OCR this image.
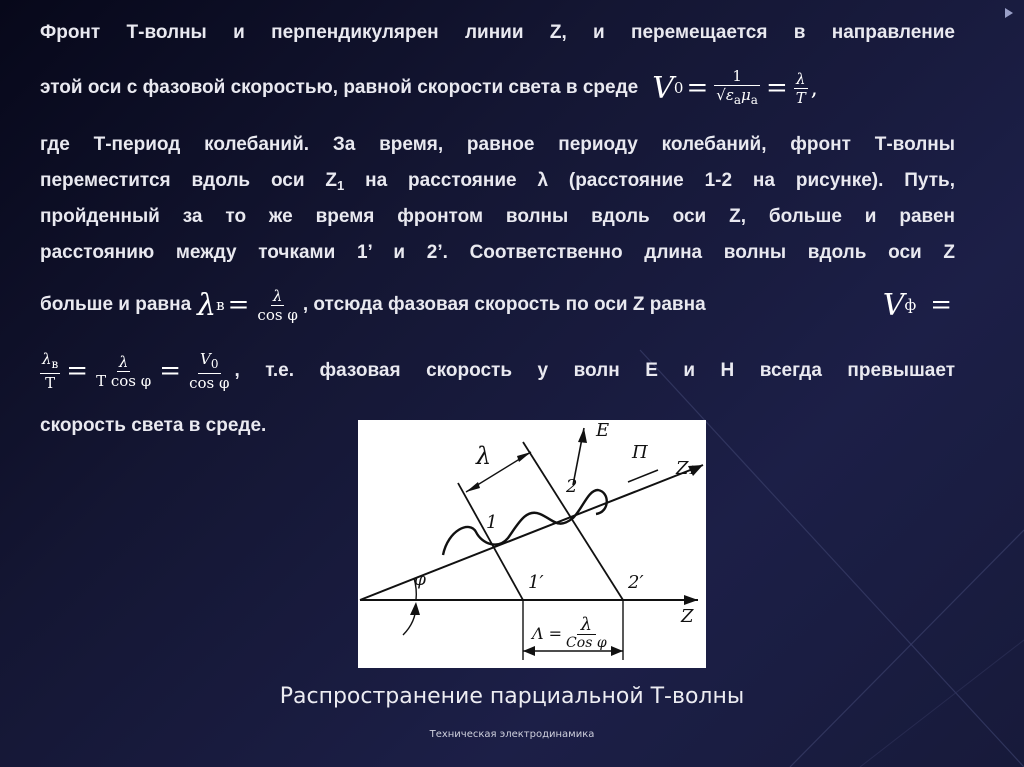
Фронт Т-волны и перпендикулярен линии Z, и перемещается в направление
этой оси с фазовой скоростью, равной скорости света в среде V $0 = \frac{1}{√\varepsilon_a\mu_a} = \frac{\lambda}{T}$ ,
где Т-период колебаний. За время, равное периоду колебаний, фронт Т-волны
переместится вдоль оси $Z_1$ на расстояние λ (расстояние 1-2 на рисунке). Путь,
пройденный за то же время фронтом волны вдоль оси Z, больше и равен
расстоянию между точками 1’ и 2’. Соответственно длина волны вдоль оси Z
больше и равна λ $в = \frac{\lambda}{\text{cos φ}}$ , отсюда фазовая скорость по оси Z равна	V ф =
$\frac{\lambda_в}{Т} = \frac{\lambda}{\text{Т cos φ}} = \frac{V_0}{\text{cos φ}}$ , т.е. фазовая скорость у волн E и H всегда превышает
скорость света в среде.
λ
E
П
Z1
1
2
1′	2′
φ
Z
Λ = λ
Cos φ
Распространение парциальной Т-волны
Техническая электродинамика
